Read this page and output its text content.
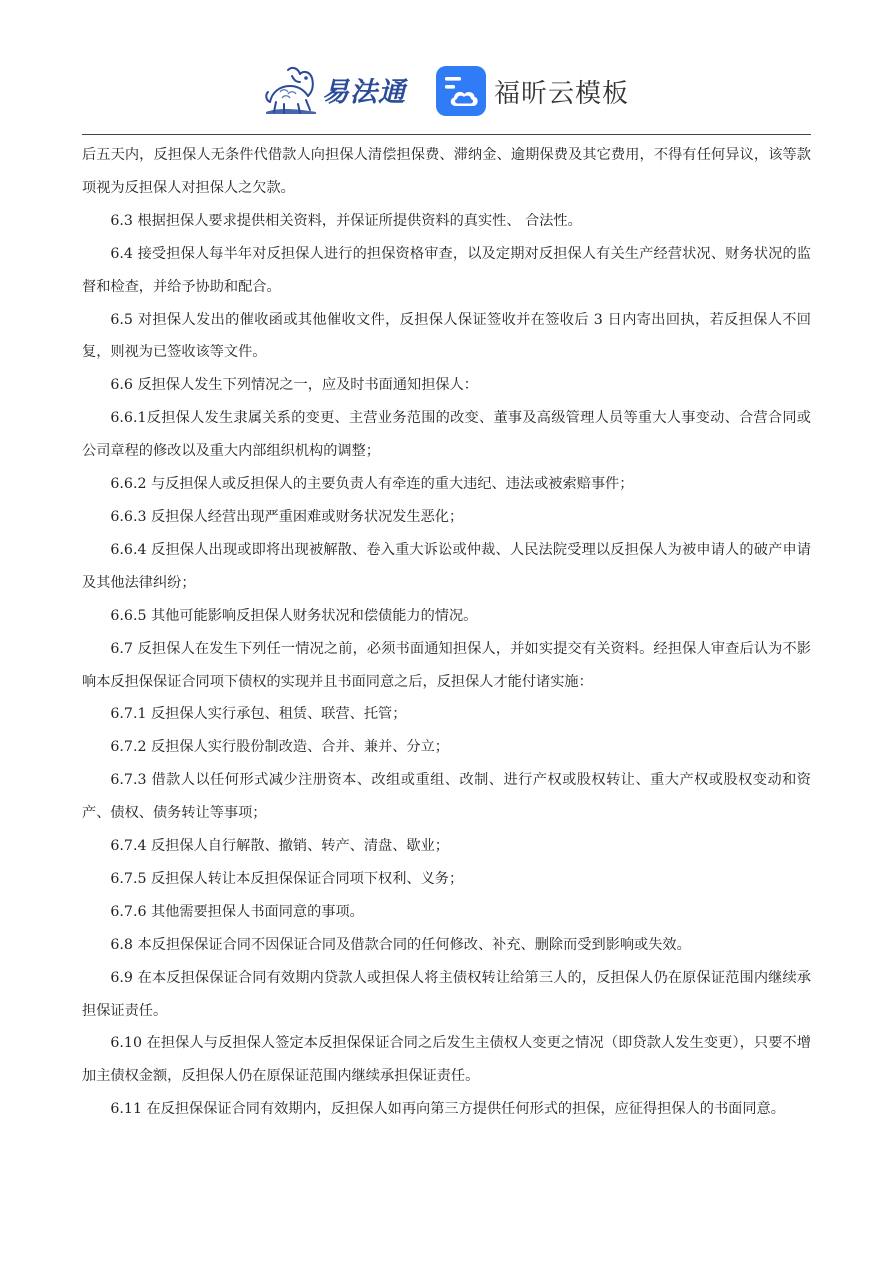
易法通	福昕云模板

后五天内，反担保人无条件代借款人向担保人清偿担保费、滞纳金、逾期保费及其它费用，不得有任何异议，该等款项视为反担保人对担保人之欠款。

6.3 根据担保人要求提供相关资料，并保证所提供资料的真实性、 合法性。

6.4 接受担保人每半年对反担保人进行的担保资格审查，以及定期对反担保人有关生产经营状况、财务状况的监督和检查，并给予协助和配合。

6.5 对担保人发出的催收函或其他催收文件，反担保人保证签收并在签收后 3 日内寄出回执，若反担保人不回复，则视为已签收该等文件。

6.6 反担保人发生下列情况之一，应及时书面通知担保人：

6.6.1反担保人发生隶属关系的变更、主营业务范围的改变、董事及高级管理人员等重大人事变动、合营合同或公司章程的修改以及重大内部组织机构的调整；

6.6.2 与反担保人或反担保人的主要负责人有牵连的重大违纪、违法或被索赔事件；

6.6.3 反担保人经营出现严重困难或财务状况发生恶化；

6.6.4 反担保人出现或即将出现被解散、卷入重大诉讼或仲裁、人民法院受理以反担保人为被申请人的破产申请及其他法律纠纷；

6.6.5 其他可能影响反担保人财务状况和偿债能力的情况。

6.7 反担保人在发生下列任一情况之前，必须书面通知担保人，并如实提交有关资料。经担保人审查后认为不影响本反担保保证合同项下债权的实现并且书面同意之后，反担保人才能付诸实施：

6.7.1 反担保人实行承包、租赁、联营、托管；

6.7.2 反担保人实行股份制改造、合并、兼并、分立；

6.7.3 借款人以任何形式减少注册资本、改组或重组、改制、进行产权或股权转让、重大产权或股权变动和资产、债权、债务转让等事项；

6.7.4 反担保人自行解散、撤销、转产、清盘、歇业；

6.7.5 反担保人转让本反担保保证合同项下权利、义务；

6.7.6 其他需要担保人书面同意的事项。

6.8 本反担保保证合同不因保证合同及借款合同的任何修改、补充、删除而受到影响或失效。

6.9 在本反担保保证合同有效期内贷款人或担保人将主债权转让给第三人的，反担保人仍在原保证范围内继续承担保证责任。

6.10 在担保人与反担保人签定本反担保保证合同之后发生主债权人变更之情况（即贷款人发生变更），只要不增加主债权金额，反担保人仍在原保证范围内继续承担保证责任。

6.11 在反担保保证合同有效期内，反担保人如再向第三方提供任何形式的担保，应征得担保人的书面同意。
